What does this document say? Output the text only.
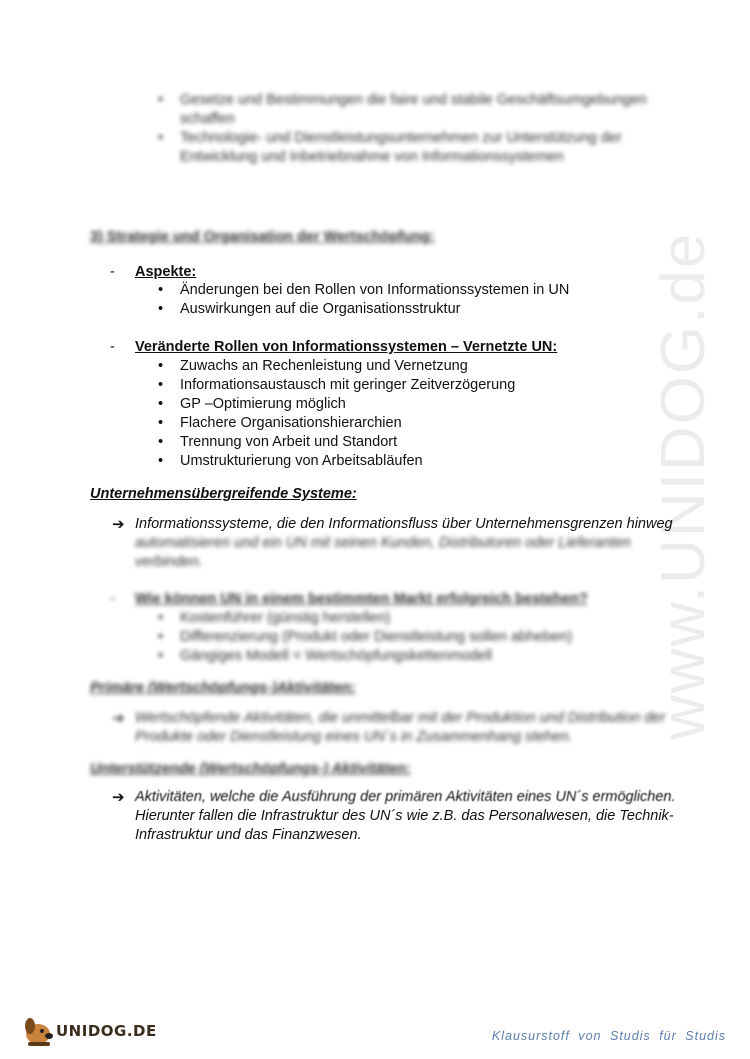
www.UNIDOG.de
• Gesetze und Bestimmungen die faire und stabile Geschäftsumgebungen
schaffen
• Technologie- und Dienstleistungsunternehmen zur Unterstützung der
Entwicklung und Inbetriebnahme von Informationssystemen
3) Strategie und Organisation der Wertschöpfung:
- Aspekte:
• Änderungen bei den Rollen von Informationssystemen in UN
• Auswirkungen auf die Organisationsstruktur
- Veränderte Rollen von Informationssystemen – Vernetzte UN:
• Zuwachs an Rechenleistung und Vernetzung
• Informationsaustausch mit geringer Zeitverzögerung
• GP –Optimierung möglich
• Flachere Organisationshierarchien
• Trennung von Arbeit und Standort
• Umstrukturierung von Arbeitsabläufen
Unternehmensübergreifende Systeme:
➔ Informationssysteme, die den Informationsfluss über Unternehmensgrenzen hinweg
automatisieren und ein UN mit seinen Kunden, Distributoren oder Lieferanten
verbinden.
- Wie können UN in einem bestimmten Markt erfolgreich bestehen?
• Kostenführer (günstig herstellen)
• Differenzierung (Produkt oder Dienstleistung sollen abheben)
• Gängiges Modell = Wertschöpfungskettenmodell
Primäre (Wertschöpfungs-)Aktivitäten:
➔ Wertschöpfende Aktivitäten, die unmittelbar mit der Produktion und Distribution der
Produkte oder Dienstleistung eines UN´s in Zusammenhang stehen.
Unterstützende (Wertschöpfungs-) Aktivitäten:
➔ Aktivitäten, welche die Ausführung der primären Aktivitäten eines UN´s ermöglichen.
Hierunter fallen die Infrastruktur des UN´s wie z.B. das Personalwesen, die Technik-
Infrastruktur und das Finanzwesen.
UNIDOG.DE	Klausurstoff von Studis für Studis
